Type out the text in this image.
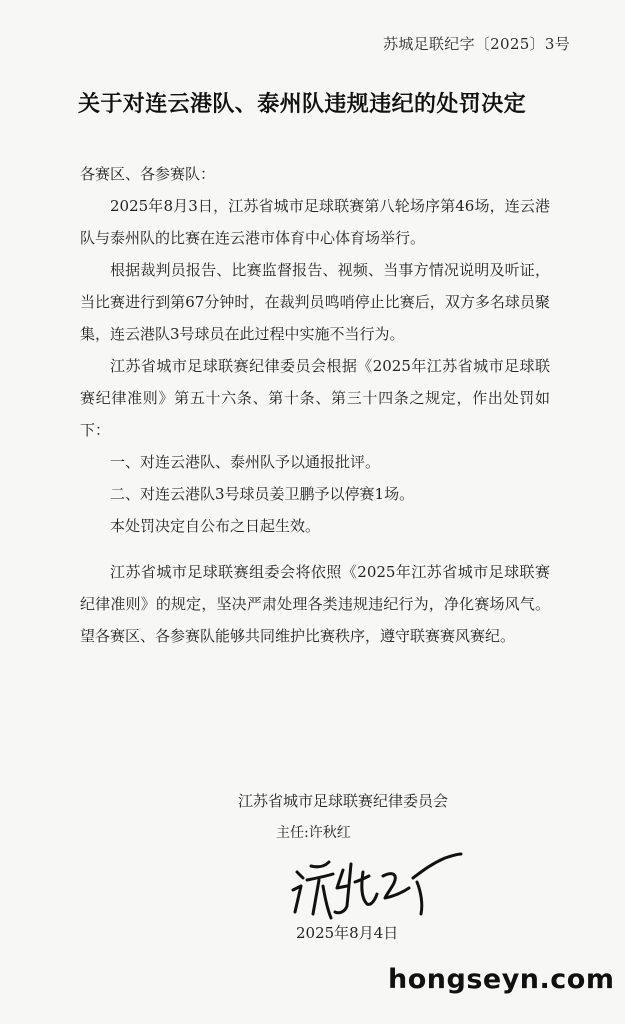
苏城足联纪字〔2025〕3号
关于对连云港队、泰州队违规违纪的处罚决定

各赛区、各参赛队：

2025年8月3日，江苏省城市足球联赛第八轮场序第46场，连云港队与泰州队的比赛在连云港市体育中心体育场举行。

根据裁判员报告、比赛监督报告、视频、当事方情况说明及听证，当比赛进行到第67分钟时，在裁判员鸣哨停止比赛后，双方多名球员聚集，连云港队3号球员在此过程中实施不当行为。

江苏省城市足球联赛纪律委员会根据《2025年江苏省城市足球联赛纪律准则》第五十六条、第十条、第三十四条之规定，作出处罚如下：

一、对连云港队、泰州队予以通报批评。

二、对连云港队3号球员姜卫鹏予以停赛1场。

本处罚决定自公布之日起生效。

江苏省城市足球联赛组委会将依照《2025年江苏省城市足球联赛纪律准则》的规定，坚决严肃处理各类违规违纪行为，净化赛场风气。望各赛区、各参赛队能够共同维护比赛秩序，遵守联赛赛风赛纪。

江苏省城市足球联赛纪律委员会
主任:许秋红
2025年8月4日
hongseyn.com
